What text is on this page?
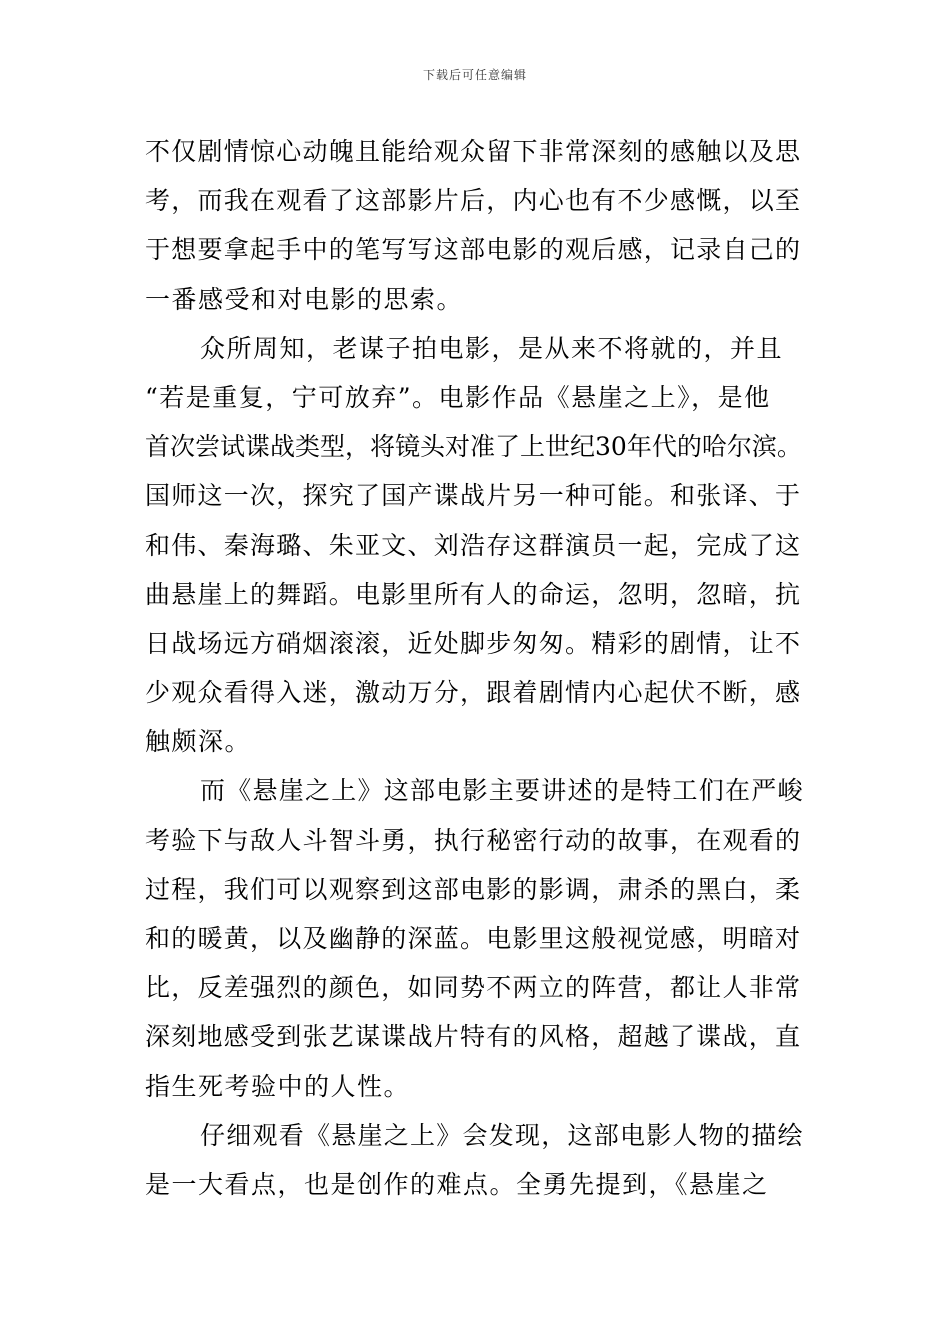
下载后可任意编辑
不仅剧情惊心动魄且能给观众留下非常深刻的感触以及思
考，而我在观看了这部影片后，内心也有不少感慨，以至
于想要拿起手中的笔写写这部电影的观后感，记录自己的
一番感受和对电影的思索。
众所周知，老谋子拍电影，是从来不将就的，并且
“若是重复，宁可放弃”。电影作品《悬崖之上》，是他
首次尝试谍战类型，将镜头对准了上世纪30年代的哈尔滨。
国师这一次，探究了国产谍战片另一种可能。和张译、于
和伟、秦海璐、朱亚文、刘浩存这群演员一起，完成了这
曲悬崖上的舞蹈。电影里所有人的命运，忽明，忽暗，抗
日战场远方硝烟滚滚，近处脚步匆匆。精彩的剧情，让不
少观众看得入迷，激动万分，跟着剧情内心起伏不断，感
触颇深。
而《悬崖之上》这部电影主要讲述的是特工们在严峻
考验下与敌人斗智斗勇，执行秘密行动的故事，在观看的
过程，我们可以观察到这部电影的影调，肃杀的黑白，柔
和的暖黄，以及幽静的深蓝。电影里这般视觉感，明暗对
比，反差强烈的颜色，如同势不两立的阵营，都让人非常
深刻地感受到张艺谋谍战片特有的风格，超越了谍战，直
指生死考验中的人性。
仔细观看《悬崖之上》会发现，这部电影人物的描绘
是一大看点，也是创作的难点。全勇先提到，《悬崖之
